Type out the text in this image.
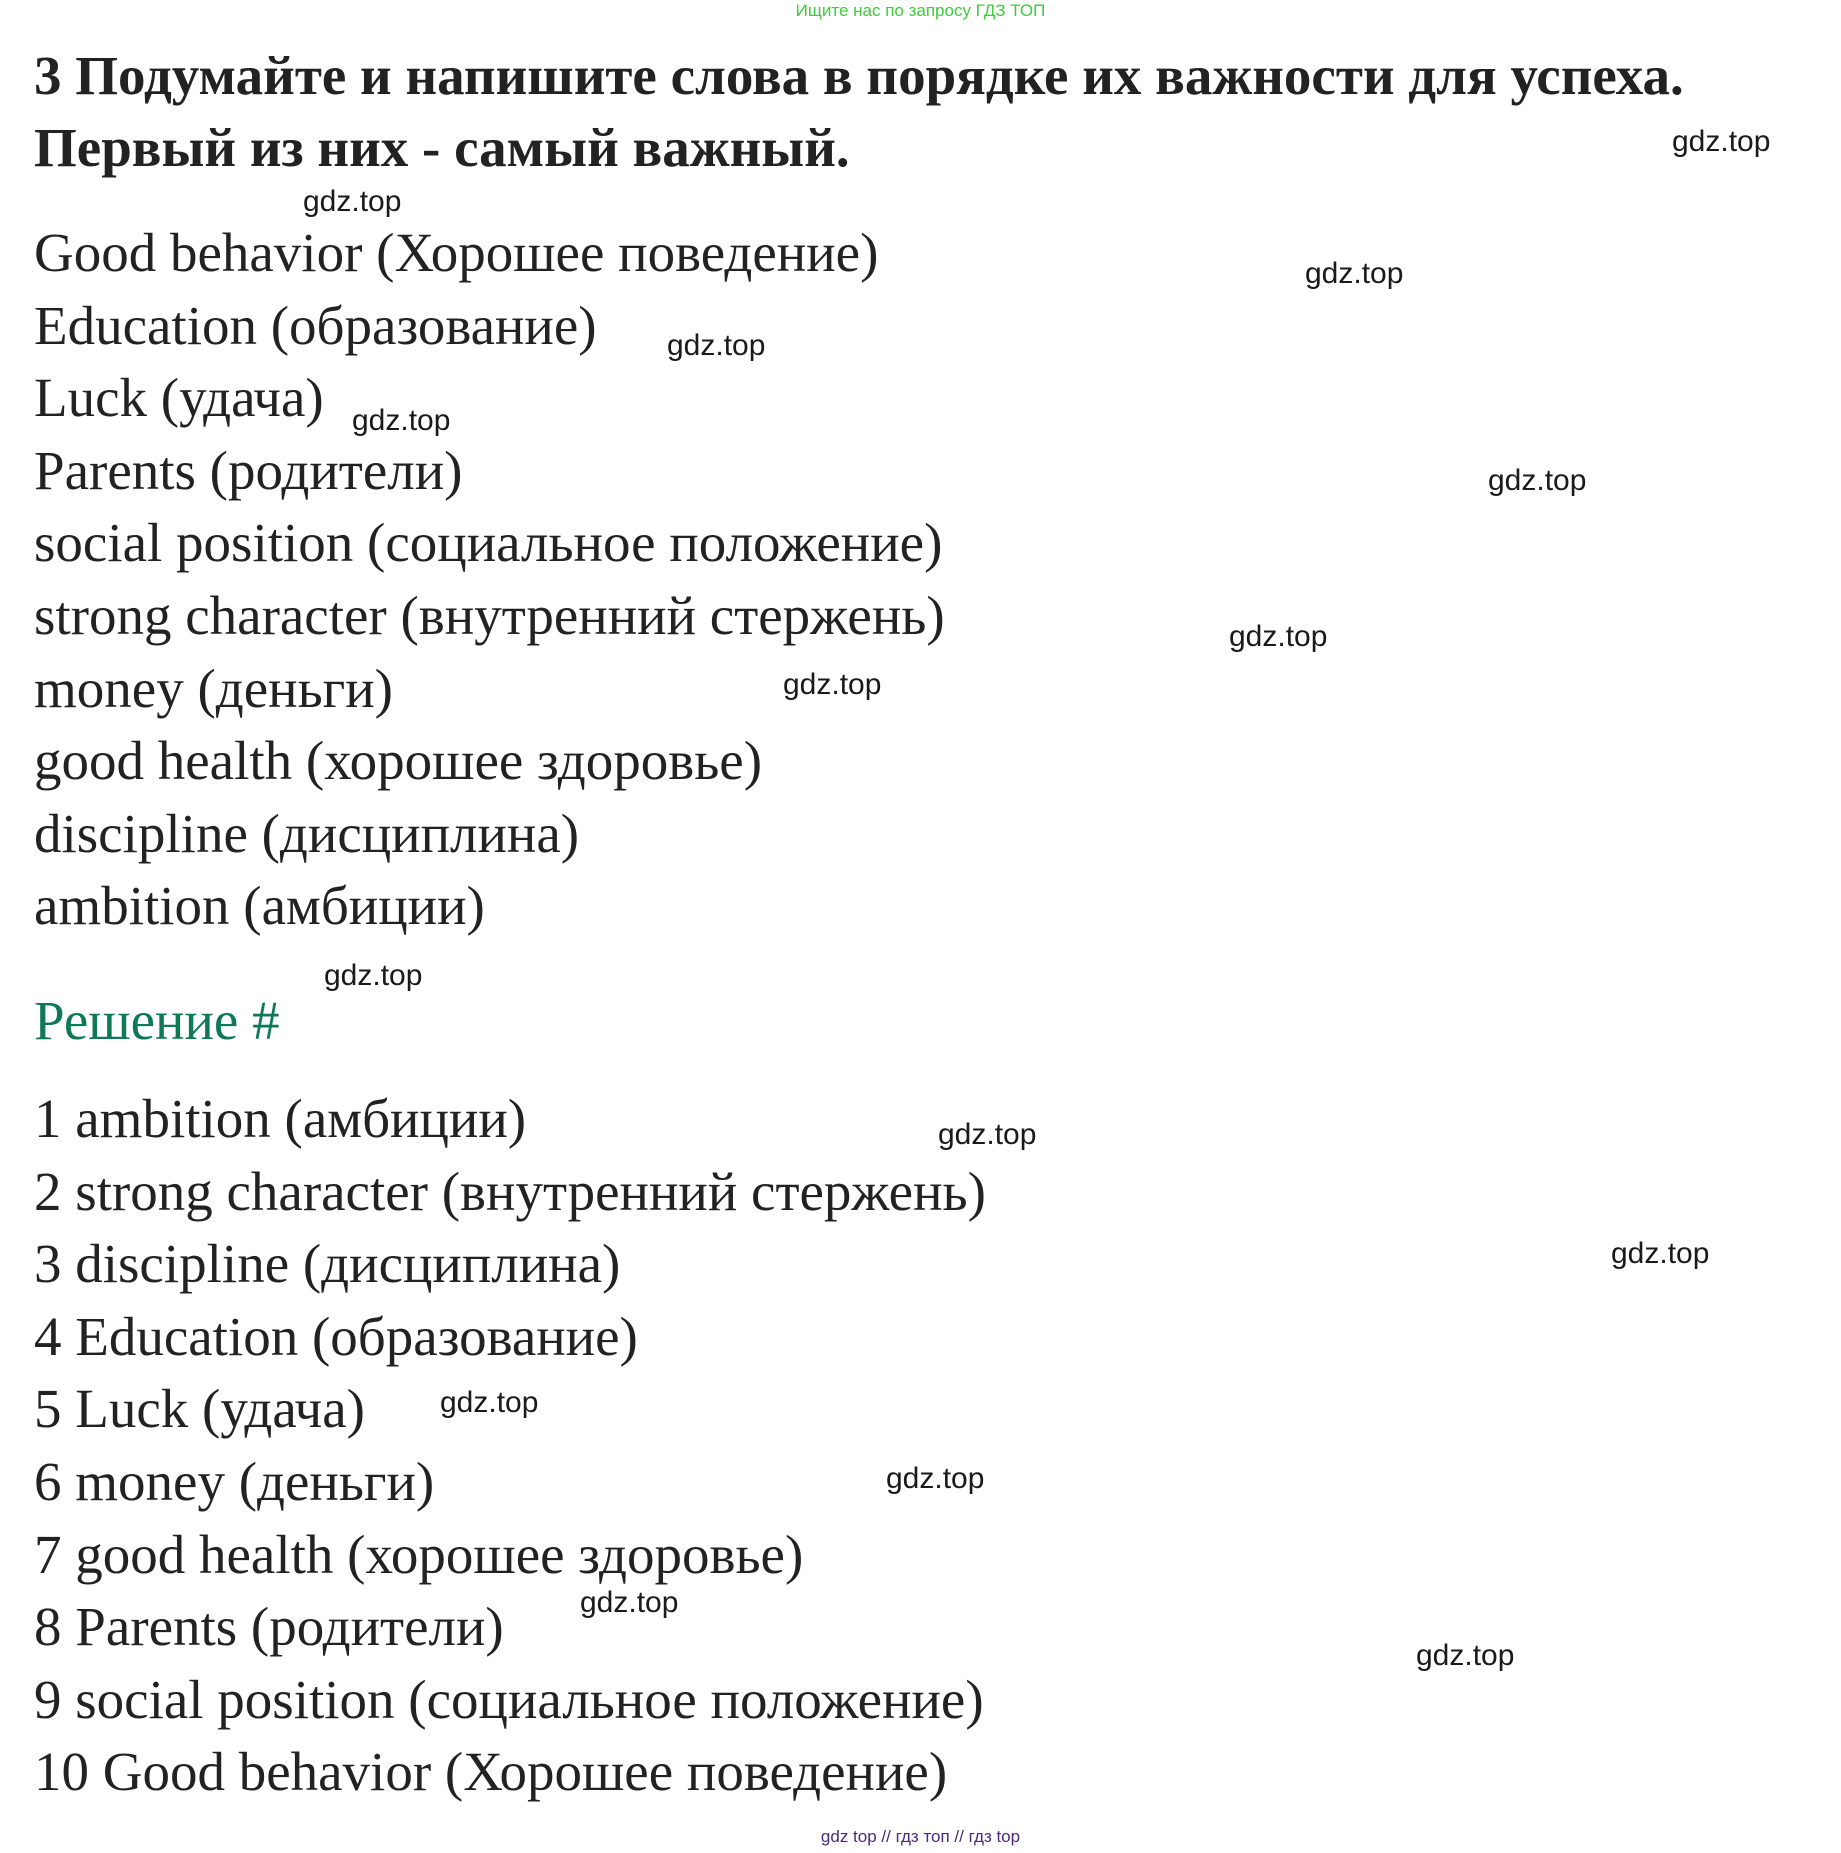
Ищите нас по запросу ГДЗ ТОП
3 Подумайте и напишите слова в порядке их важности для успеха.
Первый из них - самый важный.
Good behavior (Хорошее поведение)
Education (образование)
Luck (удача)
Parents (родители)
social position (социальное положение)
strong character (внутренний стержень)
money (деньги)
good health (хорошее здоровье)
discipline (дисциплина)
ambition (амбиции)
Решение #
1 ambition (амбиции)
2 strong character (внутренний стержень)
3 discipline (дисциплина)
4 Education (образование)
5 Luck (удача)
6 money (деньги)
7 good health (хорошее здоровье)
8 Parents (родители)
9 social position (социальное положение)
10 Good behavior (Хорошее поведение)
gdz.top
gdz.top
gdz.top
gdz.top
gdz.top
gdz.top
gdz.top
gdz.top
gdz.top
gdz.top
gdz.top
gdz.top
gdz.top
gdz.top
gdz.top
gdz top // гдз топ // гдз top
